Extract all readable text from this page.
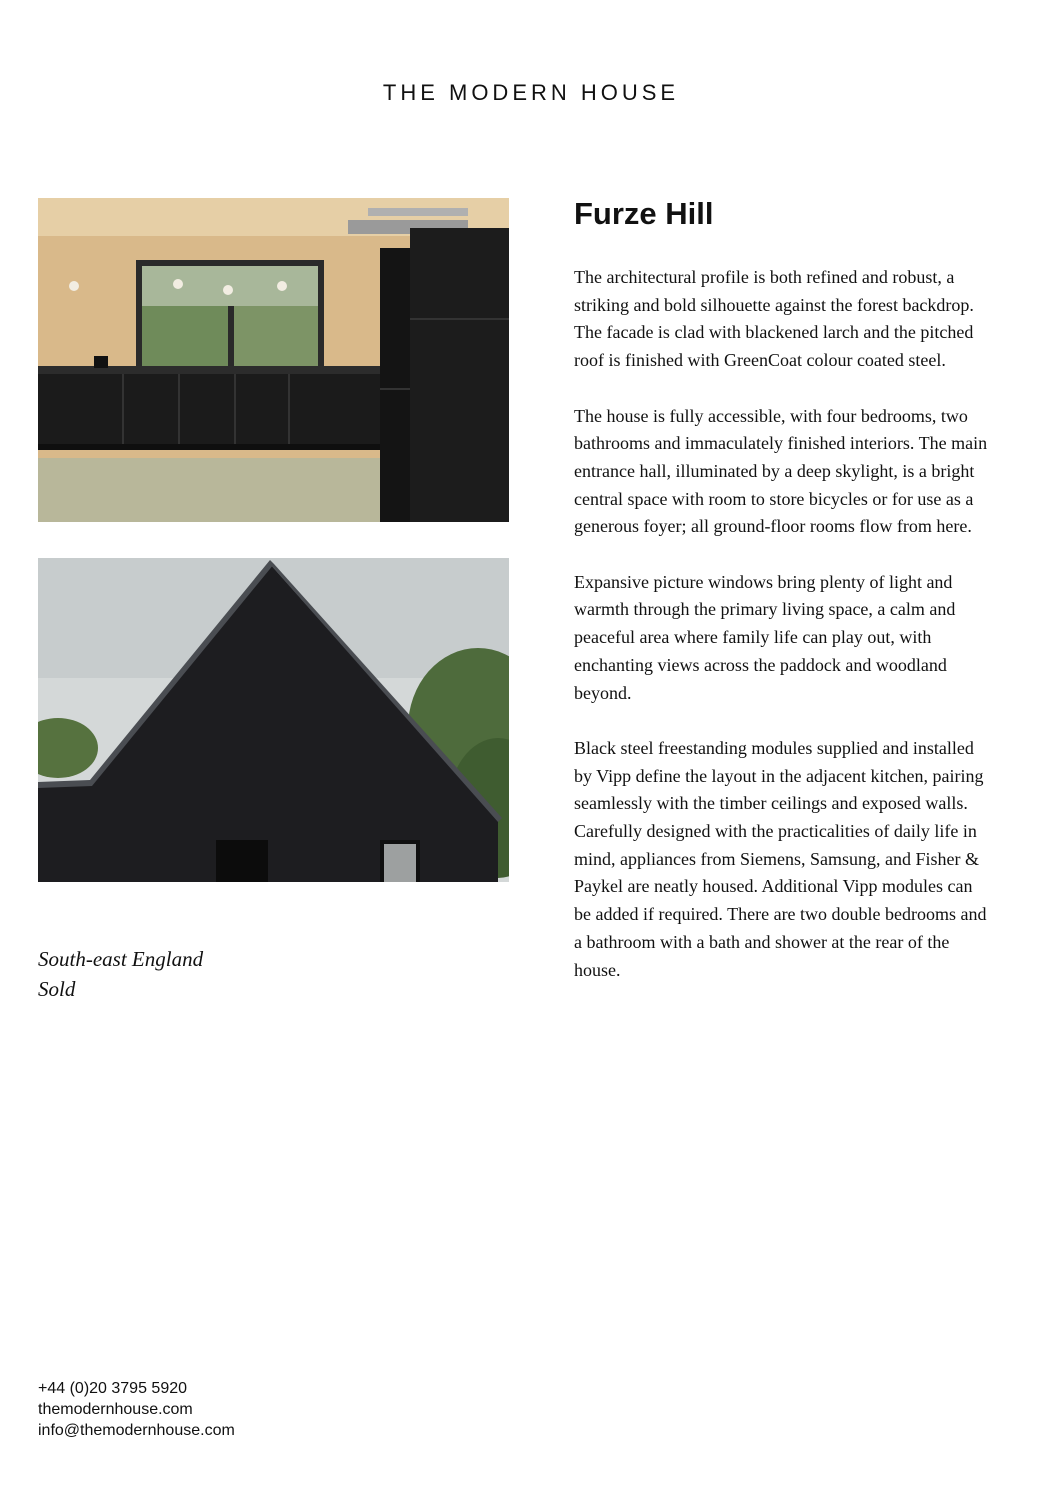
THE MODERN HOUSE
South-east England
Sold
Furze Hill

The architectural profile is both refined and robust, a striking and bold silhouette against the forest backdrop. The facade is clad with blackened larch and the pitched roof is finished with GreenCoat colour coated steel.

The house is fully accessible, with four bedrooms, two bathrooms and immaculately finished interiors. The main entrance hall, illuminated by a deep skylight, is a bright central space with room to store bicycles or for use as a generous foyer; all ground-floor rooms flow from here.

Expansive picture windows bring plenty of light and warmth through the primary living space, a calm and peaceful area where family life can play out, with enchanting views across the paddock and woodland beyond.

Black steel freestanding modules supplied and installed by Vipp define the layout in the adjacent kitchen, pairing seamlessly with the timber ceilings and exposed walls. Carefully designed with the practicalities of daily life in mind, appliances from Siemens, Samsung, and Fisher & Paykel are neatly housed. Additional Vipp modules can be added if required. There are two double bedrooms and a bathroom with a bath and shower at the rear of the house.

+44 (0)20 3795 5920
themodernhouse.com
info@themodernhouse.com
